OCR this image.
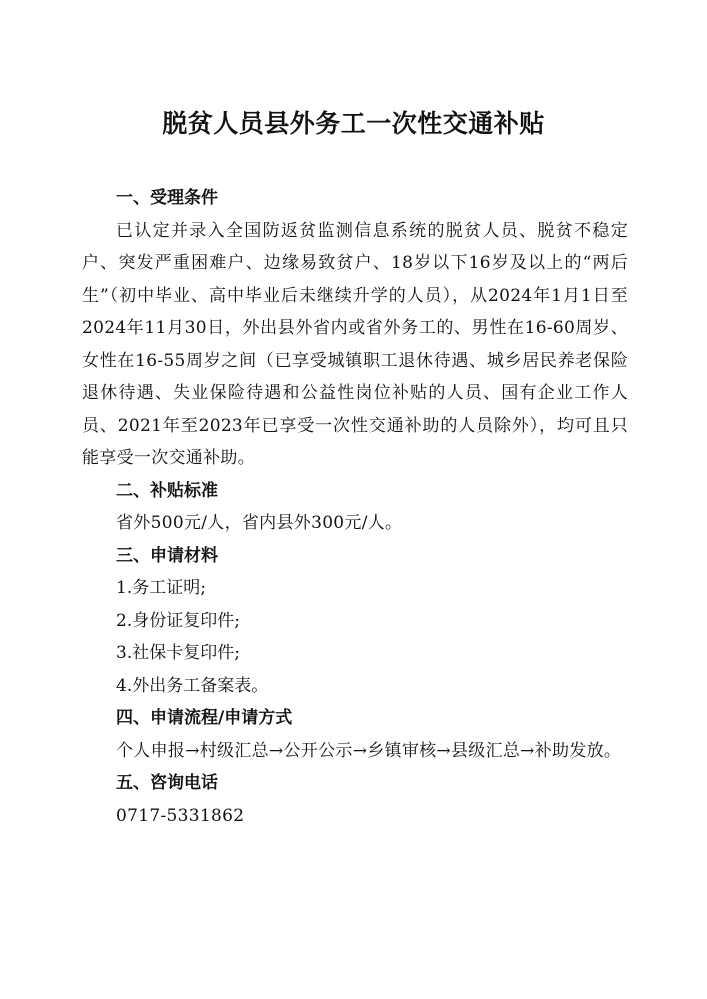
脱贫人员县外务工一次性交通补贴

一、受理条件

已认定并录入全国防返贫监测信息系统的脱贫人员、脱贫不稳定户、突发严重困难户、边缘易致贫户、18岁以下16岁及以上的“两后生”（初中毕业、高中毕业后未继续升学的人员），从2024年1月1日至2024年11月30日，外出县外省内或省外务工的、男性在16-60周岁、女性在16-55周岁之间（已享受城镇职工退休待遇、城乡居民养老保险退休待遇、失业保险待遇和公益性岗位补贴的人员、国有企业工作人员、2021年至2023年已享受一次性交通补助的人员除外），均可且只能享受一次交通补助。

二、补贴标准

省外500元/人，省内县外300元/人。

三、申请材料

1.务工证明;

2.身份证复印件;

3.社保卡复印件;

4.外出务工备案表。

四、申请流程/申请方式

个人申报→村级汇总→公开公示→乡镇审核→县级汇总→补助发放。

五、咨询电话

0717-5331862
